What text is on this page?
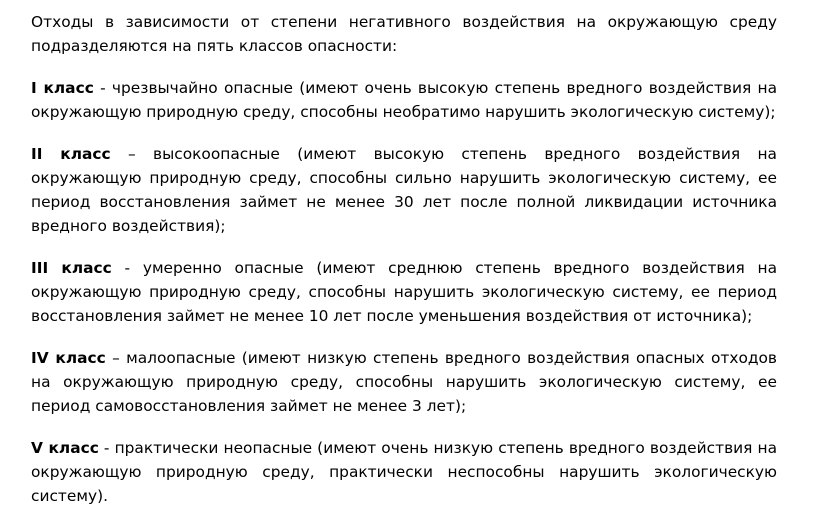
Отходы в зависимости от степени негативного воздействия на окружающую среду подразделяются на пять классов опасности:

I класс - чрезвычайно опасные (имеют очень высокую степень вредного воздействия на окружающую природную среду, способны необратимо нарушить экологическую систему);

II класс – высокоопасные (имеют высокую степень вредного воздействия на окружающую природную среду, способны сильно нарушить экологическую систему, ее период восстановления займет не менее 30 лет после полной ликвидации источника вредного воздействия);

III класс - умеренно опасные (имеют среднюю степень вредного воздействия на окружающую природную среду, способны нарушить экологическую систему, ее период восстановления займет не менее 10 лет после уменьшения воздействия от источника);

IV класс – малоопасные (имеют низкую степень вредного воздействия опасных отходов на окружающую природную среду, способны нарушить экологическую систему, ее период самовосстановления займет не менее 3 лет);

V класс - практически неопасные (имеют очень низкую степень вредного воздействия на окружающую природную среду, практически неспособны нарушить экологическую систему).
